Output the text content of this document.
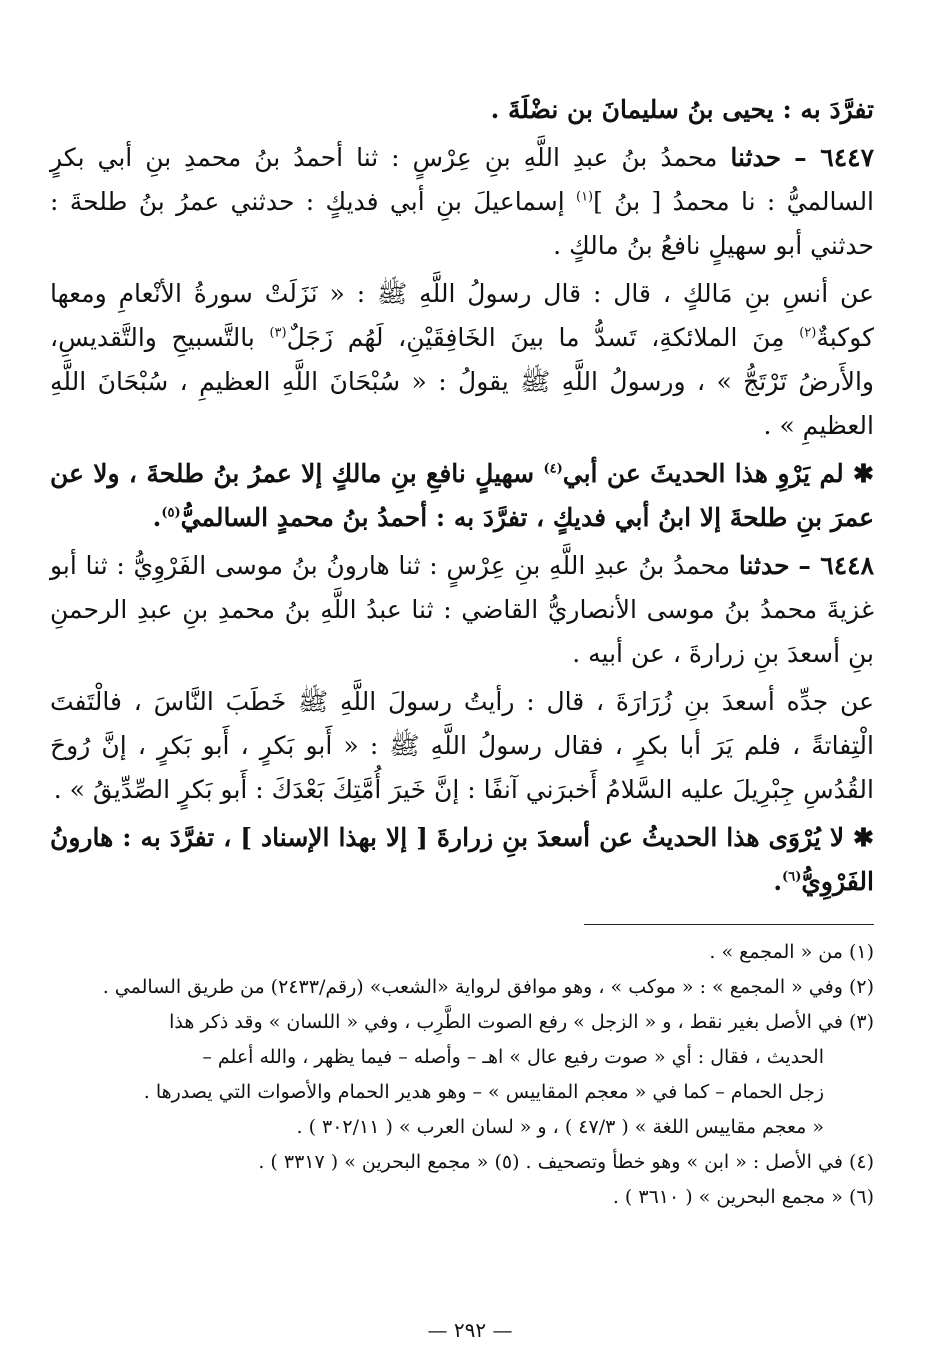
تفرَّدَ به : يحيى بنُ سليمانَ بن نضْلَةَ .

٦٤٤٧ – حدثنا محمدُ بنُ عبدِ اللَّهِ بنِ عِرْسٍ : ثنا أحمدُ بنُ محمدِ بنِ أبي بكرٍ السالميُّ : نا محمدُ [ بنُ ]$^{(١)}$ إسماعيلَ بنِ أبي فديكٍ : حدثني عمرُ بنُ طلحةَ : حدثني أبو سهيلٍ نافعُ بنُ مالكٍ .

عن أنسِ بنِ مَالكٍ ، قال : قال رسولُ اللَّهِ ﷺ : « نَزَلَتْ سورةُ الأنْعامِ ومعها كوكبةٌ$^{(٢)}$ مِنَ الملائكةِ، تَسدُّ ما بينَ الخَافِقَيْنِ، لَهُم زَجَلٌ$^{(٣)}$ بالتَّسبيحِ والتَّقديسِ، والأَرضُ تَرْتَجُّ » ، ورسولُ اللَّهِ ﷺ يقولُ : « سُبْحَانَ اللَّهِ العظيمِ ، سُبْحَانَ اللَّهِ العظيمِ » .

✱ لم يَرْوِ هذا الحديثَ عن أبي$^{(٤)}$ سهيلٍ نافعِ بنِ مالكٍ إلا عمرُ بنُ طلحةَ ، ولا عن عمرَ بنِ طلحةَ إلا ابنُ أبي فديكٍ ، تفرَّدَ به : أحمدُ بنُ محمدٍ السالميُّ$^{(٥)}$.

٦٤٤٨ – حدثنا محمدُ بنُ عبدِ اللَّهِ بنِ عِرْسٍ : ثنا هارونُ بنُ موسى الفَرْوِيُّ : ثنا أبو غزيةَ محمدُ بنُ موسى الأنصاريُّ القاضي : ثنا عبدُ اللَّهِ بنُ محمدِ بنِ عبدِ الرحمنِ بنِ أسعدَ بنِ زرارةَ ، عن أبيه .

عن جدِّه أسعدَ بنِ زُرَارَةَ ، قال : رأيتُ رسولَ اللَّهِ ﷺ خَطَبَ النَّاسَ ، فالْتَفتَ الْتِفاتةً ، فلم يَرَ أبا بكرٍ ، فقال رسولُ اللَّهِ ﷺ : « أَبو بَكرٍ ، أَبو بَكرٍ ، إنَّ رُوحَ القُدُسِ جِبْرِيلَ عليه السَّلامُ أَخبرَني آنفًا : إنَّ خَيرَ أُمَّتِكَ بَعْدَكَ : أَبو بَكرٍ الصِّدِّيقُ » .

✱ لا يُرْوَى هذا الحديثُ عن أسعدَ بنِ زرارةَ [ إلا بهذا الإسناد ] ، تفرَّدَ به : هارونُ الفَرْوِيُّ$^{(٦)}$.

(١) من « المجمع » .

(٢) وفي « المجمع » : « موكب » ، وهو موافق لرواية «الشعب» (رقم/٢٤٣٣) من طريق السالمي .

(٣) في الأصل بغير نقط ، و « الزجل » رفع الصوت الطَّرِب ، وفي « اللسان » وقد ذكر هذا

الحديث ، فقال : أي « صوت رفيع عال » اهـ – وأصله – فيما يظهر ، والله أعلم –

زجل الحمام – كما في « معجم المقاييس » – وهو هدير الحمام والأصوات التي يصدرها .

« معجم مقاييس اللغة » ( ٤٧/٣ ) ، و « لسان العرب » ( ٣٠٢/١١ ) .

(٤) في الأصل : « ابن » وهو خطأ وتصحيف . (٥) « مجمع البحرين » ( ٣٣١٧ ) .

(٦) « مجمع البحرين » ( ٣٦١٠ ) .

— ٢٩٢ —
